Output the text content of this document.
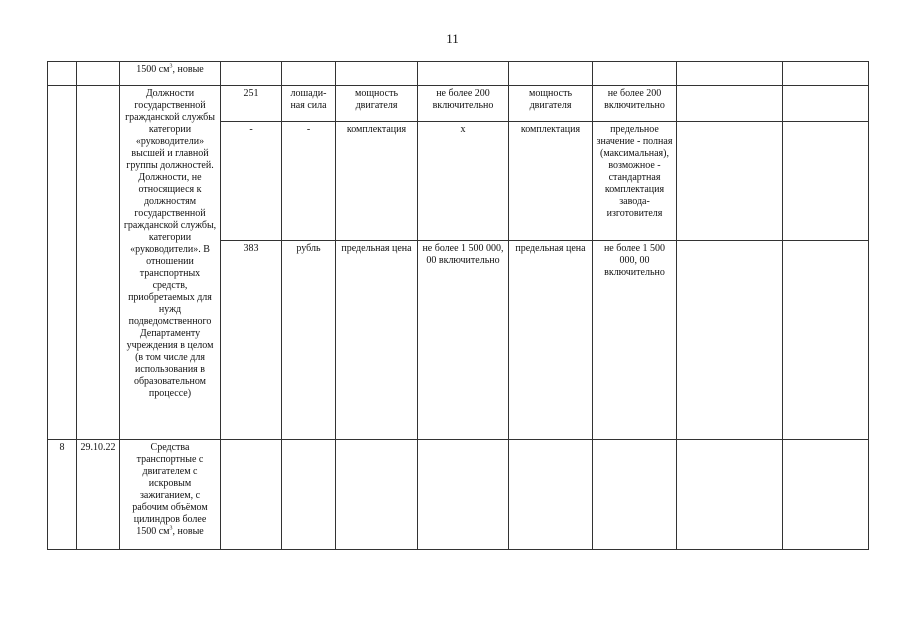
11
		1500 $см^3$, новые								
		Должности государственной гражданской службы категории «руководители» высшей и главной группы должностей. Должности, не относящиеся к должностям государственной гражданской службы, категории «руководители». В отношении транспортных средств, приобретаемых для нужд подведомственного Департаменту учреждения в целом (в том числе для использования в образовательном процессе)	251	лошади-ная сила	мощность двигателя	не более 200 включительно	мощность двигателя	не более 200 включительно		
			-	-	комплектация	х	комплектация	предельное значение - полная (максимальная), возможное - стандартная комплектация завода-изготовителя		
			383	рубль	предельная цена	не более 1 500 000, 00 включительно	предельная цена	не более 1 500 000, 00 включительно		
8	29.10.22	Средства транспортные с двигателем с искровым зажиганием, с рабочим объёмом цилиндров более 1500 $см^3$, новые								
